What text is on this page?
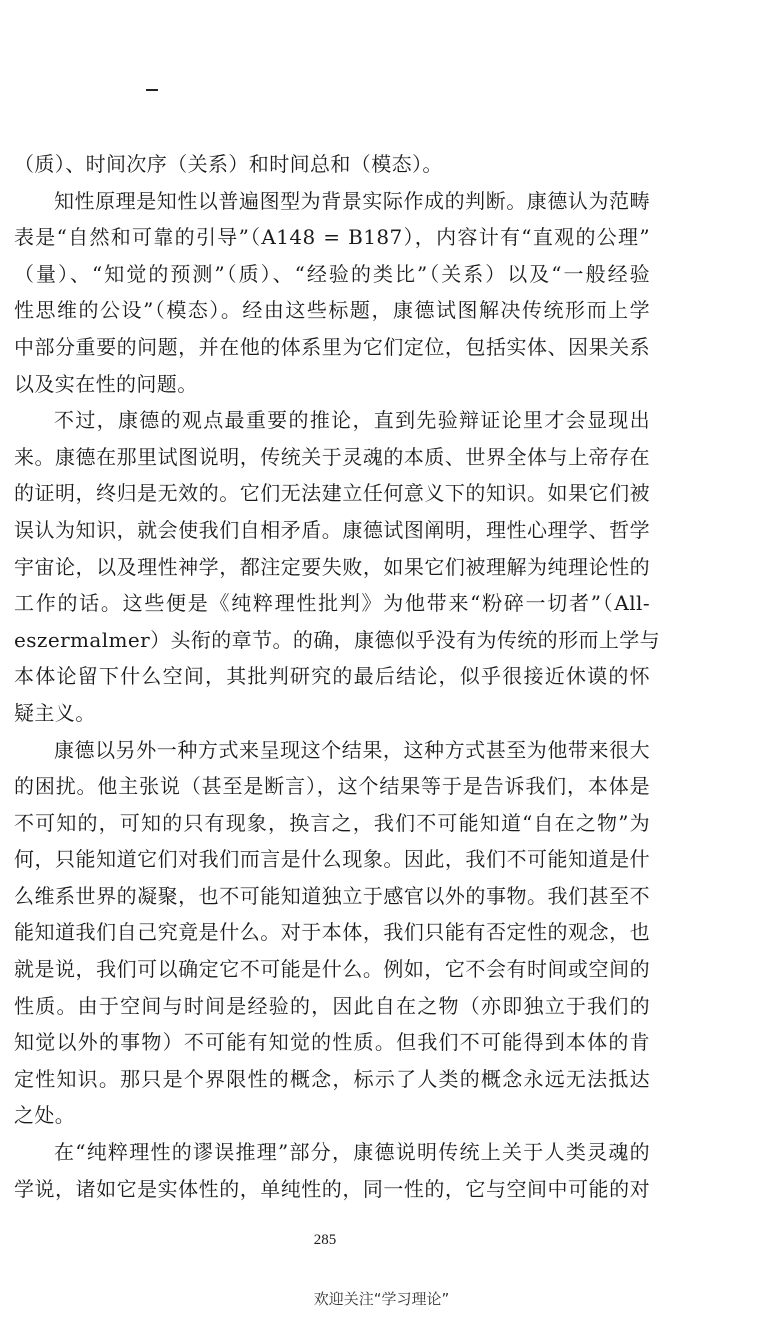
（质）、时间次序（关系）和时间总和（模态）。
知性原理是知性以普遍图型为背景实际作成的判断。康德认为范畴
表是“自然和可靠的引导”（A148 = B187），内容计有“直观的公理”
（量）、“知觉的预测”（质）、“经验的类比”（关系）以及“一般经验
性思维的公设”（模态）。经由这些标题，康德试图解决传统形而上学
中部分重要的问题，并在他的体系里为它们定位，包括实体、因果关系
以及实在性的问题。
不过，康德的观点最重要的推论，直到先验辩证论里才会显现出
来。康德在那里试图说明，传统关于灵魂的本质、世界全体与上帝存在
的证明，终归是无效的。它们无法建立任何意义下的知识。如果它们被
误认为知识，就会使我们自相矛盾。康德试图阐明，理性心理学、哲学
宇宙论，以及理性神学，都注定要失败，如果它们被理解为纯理论性的
工作的话。这些便是《纯粹理性批判》为他带来“粉碎一切者”（All-
eszermalmer）头衔的章节。的确，康德似乎没有为传统的形而上学与
本体论留下什么空间，其批判研究的最后结论，似乎很接近休谟的怀
疑主义。
康德以另外一种方式来呈现这个结果，这种方式甚至为他带来很大
的困扰。他主张说（甚至是断言），这个结果等于是告诉我们，本体是
不可知的，可知的只有现象，换言之，我们不可能知道“自在之物”为
何，只能知道它们对我们而言是什么现象。因此，我们不可能知道是什
么维系世界的凝聚，也不可能知道独立于感官以外的事物。我们甚至不
能知道我们自己究竟是什么。对于本体，我们只能有否定性的观念，也
就是说，我们可以确定它不可能是什么。例如，它不会有时间或空间的
性质。由于空间与时间是经验的，因此自在之物（亦即独立于我们的
知觉以外的事物）不可能有知觉的性质。但我们不可能得到本体的肯
定性知识。那只是个界限性的概念，标示了人类的概念永远无法抵达
之处。
在“纯粹理性的谬误推理”部分，康德说明传统上关于人类灵魂的
学说，诸如它是实体性的，单纯性的，同一性的，它与空间中可能的对
285
欢迎关注“学习理论”
